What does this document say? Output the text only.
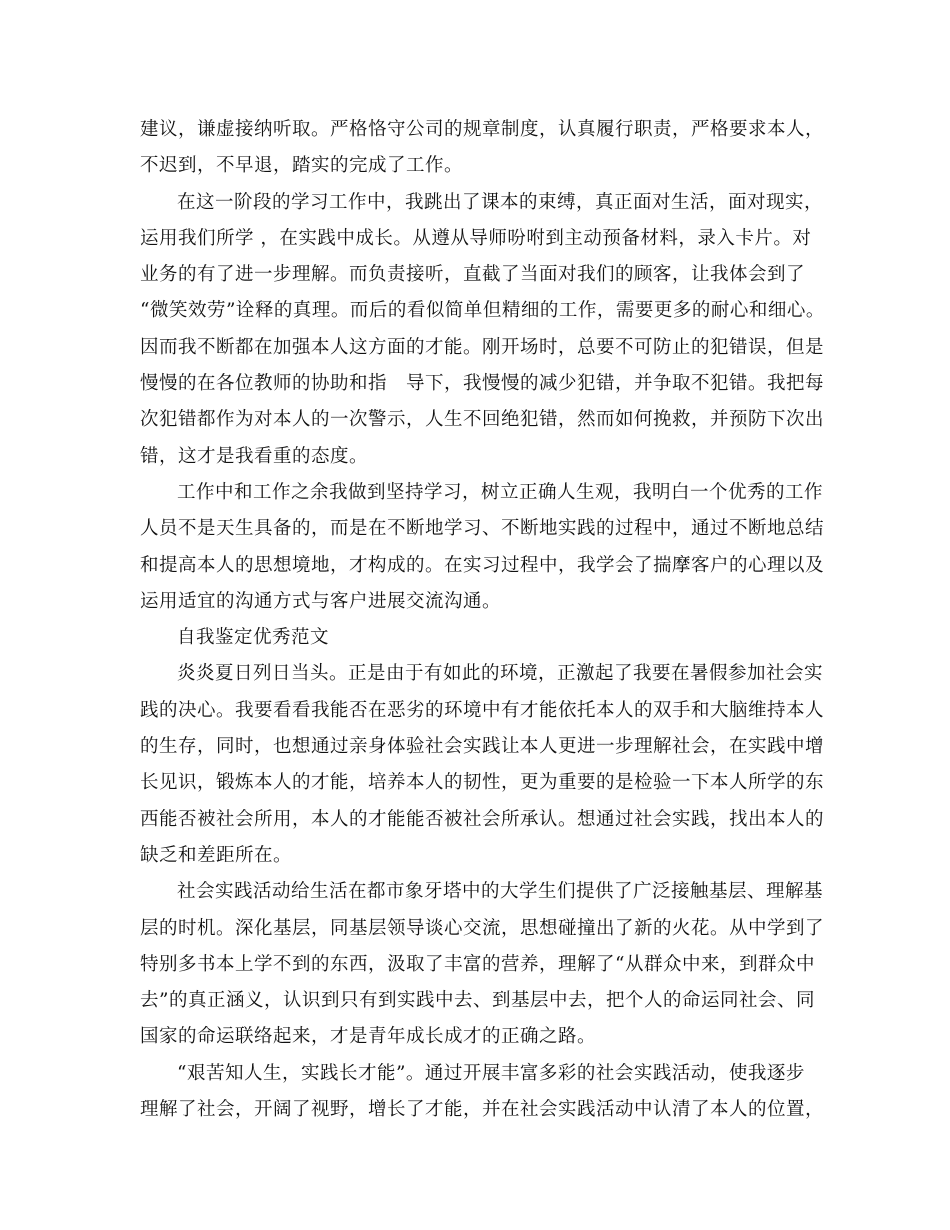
建议，谦虚接纳听取。严格恪守公司的规章制度，认真履行职责，严格要求本人，
不迟到，不早退，踏实的完成了工作。
在这一阶段的学习工作中，我跳出了课本的束缚，真正面对生活，面对现实，
运用我们所学 ，在实践中成长。从遵从导师吩咐到主动预备材料，录入卡片。对
业务的有了进一步理解。而负责接听，直截了当面对我们的顾客，让我体会到了
“微笑效劳”诠释的真理。而后的看似简单但精细的工作，需要更多的耐心和细心。
因而我不断都在加强本人这方面的才能。刚开场时，总要不可防止的犯错误，但是
慢慢的在各位教师的协助和指　导下，我慢慢的减少犯错，并争取不犯错。我把每
次犯错都作为对本人的一次警示，人生不回绝犯错，然而如何挽救，并预防下次出
错，这才是我看重的态度。
工作中和工作之余我做到坚持学习，树立正确人生观，我明白一个优秀的工作
人员不是天生具备的，而是在不断地学习、不断地实践的过程中，通过不断地总结
和提高本人的思想境地，才构成的。在实习过程中，我学会了揣摩客户的心理以及
运用适宜的沟通方式与客户进展交流沟通。
自我鉴定优秀范文
炎炎夏日列日当头。正是由于有如此的环境，正激起了我要在暑假参加社会实
践的决心。我要看看我能否在恶劣的环境中有才能依托本人的双手和大脑维持本人
的生存，同时，也想通过亲身体验社会实践让本人更进一步理解社会，在实践中增
长见识，锻炼本人的才能，培养本人的韧性，更为重要的是检验一下本人所学的东
西能否被社会所用，本人的才能能否被社会所承认。想通过社会实践，找出本人的
缺乏和差距所在。
社会实践活动给生活在都市象牙塔中的大学生们提供了广泛接触基层、理解基
层的时机。深化基层，同基层领导谈心交流，思想碰撞出了新的火花。从中学到了
特别多书本上学不到的东西，汲取了丰富的营养，理解了“从群众中来，到群众中
去”的真正涵义，认识到只有到实践中去、到基层中去，把个人的命运同社会、同
国家的命运联络起来，才是青年成长成才的正确之路。
“艰苦知人生，实践长才能”。通过开展丰富多彩的社会实践活动，使我逐步
理解了社会，开阔了视野，增长了才能，并在社会实践活动中认清了本人的位置，
